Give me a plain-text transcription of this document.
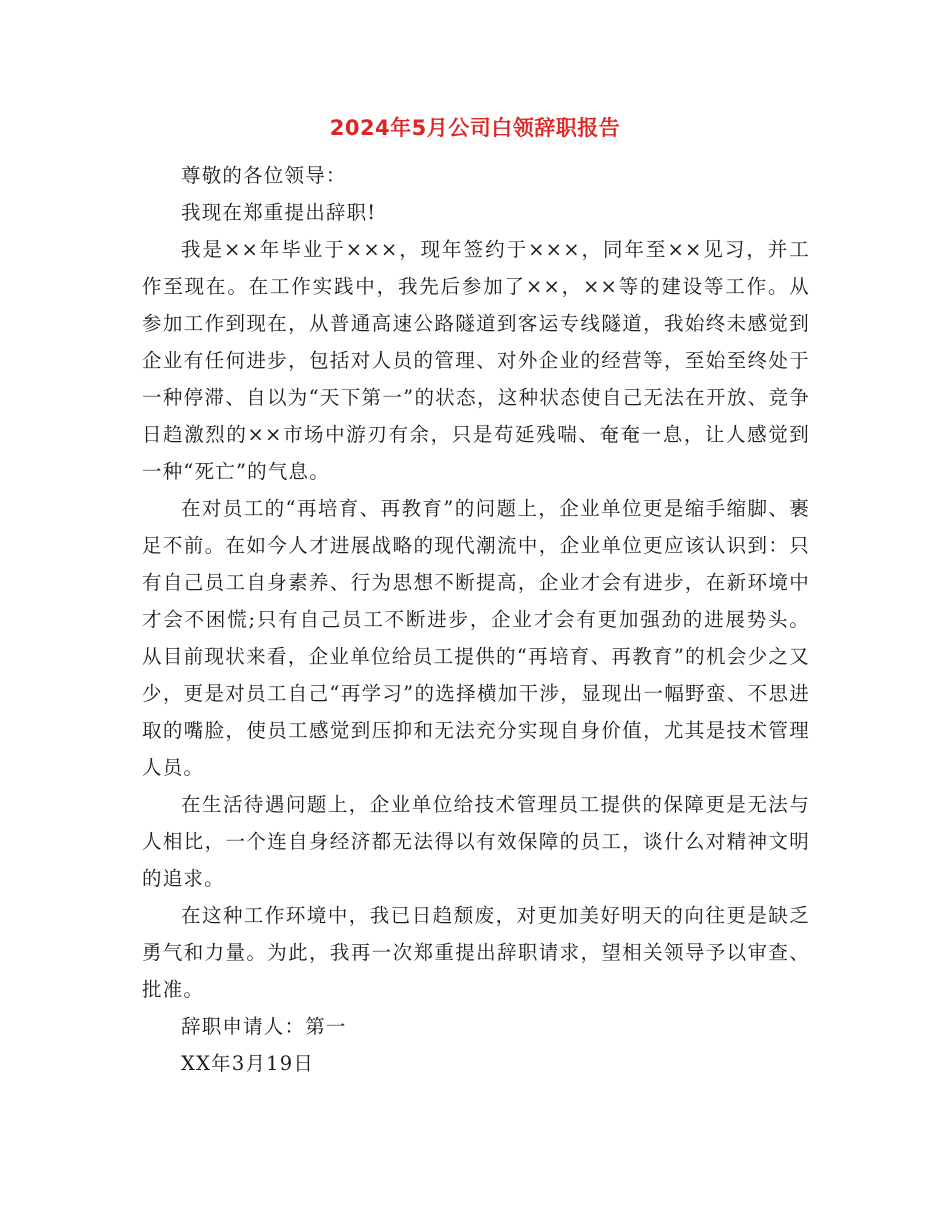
2024年5月公司白领辞职报告

尊敬的各位领导：

我现在郑重提出辞职!

我是××年毕业于×××，现年签约于×××，同年至××见习，并工作至现在。在工作实践中，我先后参加了××，××等的建设等工作。从参加工作到现在，从普通高速公路隧道到客运专线隧道，我始终未感觉到企业有任何进步，包括对人员的管理、对外企业的经营等，至始至终处于一种停滞、自以为“天下第一”的状态，这种状态使自己无法在开放、竞争日趋激烈的××市场中游刃有余，只是苟延残喘、奄奄一息，让人感觉到一种“死亡”的气息。

在对员工的“再培育、再教育”的问题上，企业单位更是缩手缩脚、裹足不前。在如今人才进展战略的现代潮流中，企业单位更应该认识到：只有自己员工自身素养、行为思想不断提高，企业才会有进步，在新环境中才会不困慌;只有自己员工不断进步，企业才会有更加强劲的进展势头。从目前现状来看，企业单位给员工提供的“再培育、再教育”的机会少之又少，更是对员工自己“再学习”的选择横加干涉，显现出一幅野蛮、不思进取的嘴脸，使员工感觉到压抑和无法充分实现自身价值，尤其是技术管理人员。

在生活待遇问题上，企业单位给技术管理员工提供的保障更是无法与人相比，一个连自身经济都无法得以有效保障的员工，谈什么对精神文明的追求。

在这种工作环境中，我已日趋颓废，对更加美好明天的向往更是缺乏勇气和力量。为此，我再一次郑重提出辞职请求，望相关领导予以审查、批准。

辞职申请人：第一

XX年3月19日
